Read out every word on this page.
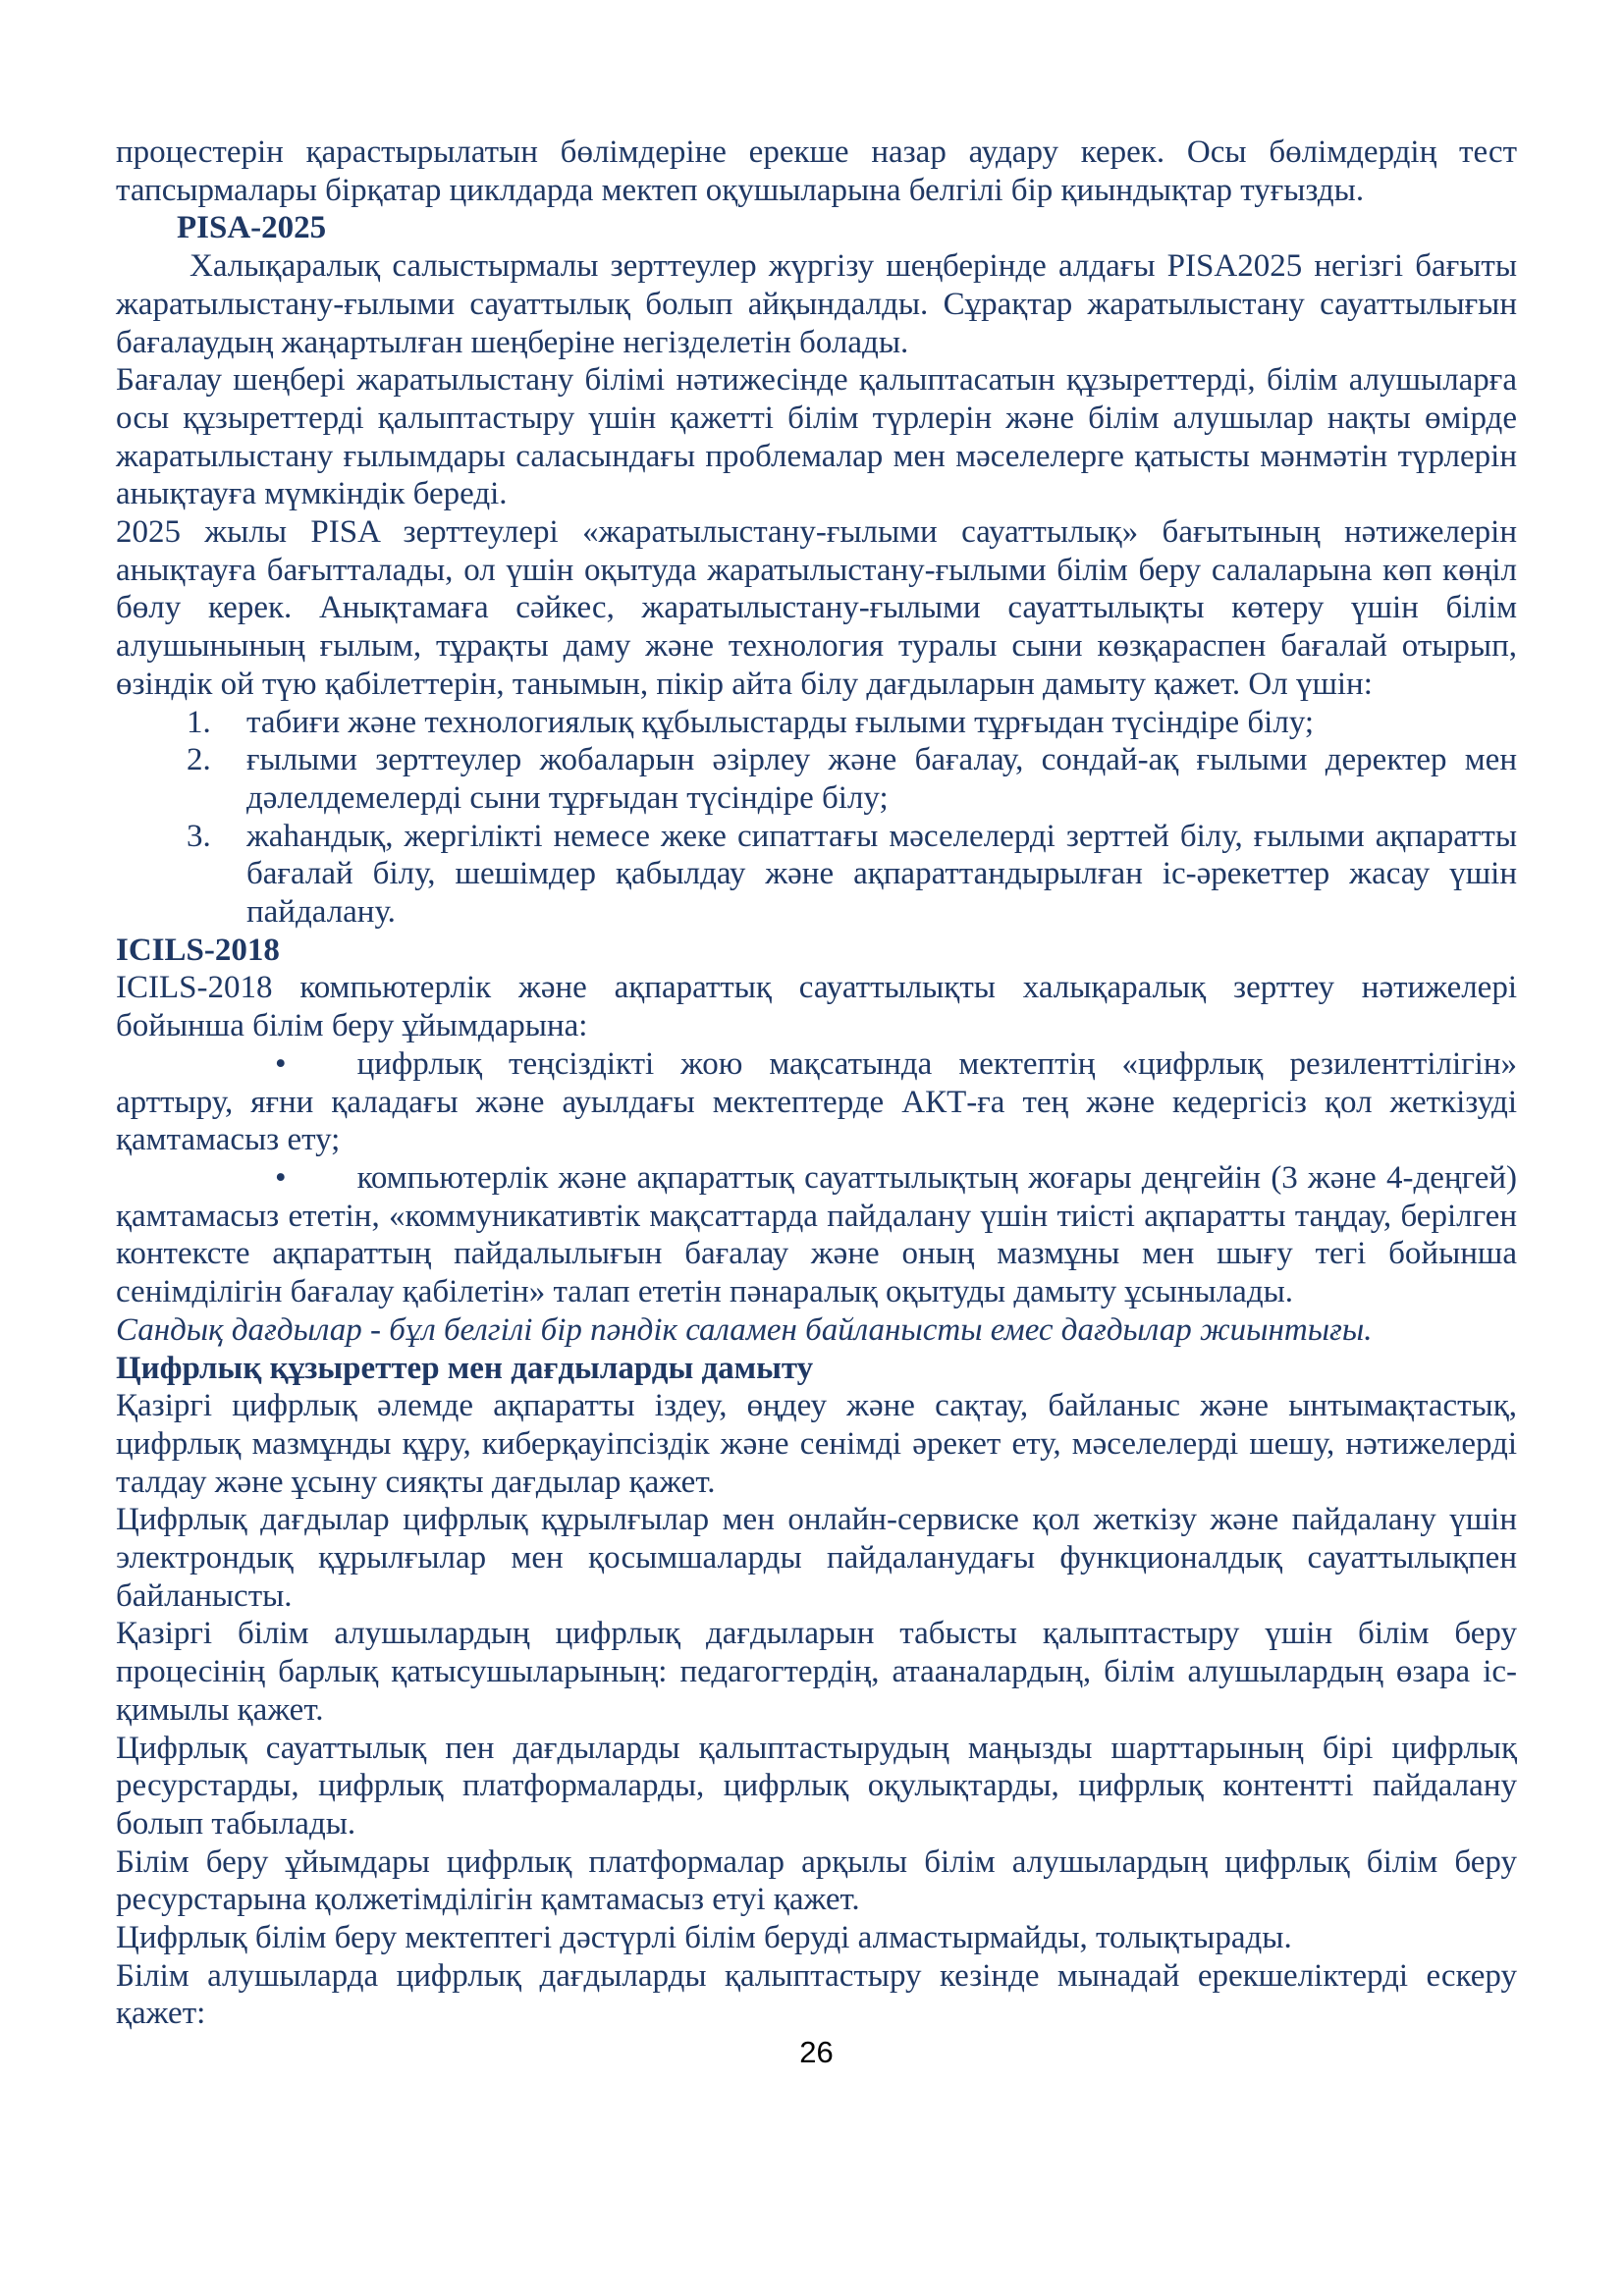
процестерін қарастырылатын бөлімдеріне ерекше назар аудару керек. Осы бөлімдердің тест тапсырмалары бірқатар циклдарда мектеп оқушыларына белгілі бір қиындықтар туғызды.

PISA-2025

Халықаралық салыстырмалы зерттеулер жүргізу шеңберінде алдағы PISA2025 негізгі бағыты жаратылыстану-ғылыми сауаттылық болып айқындалды. Сұрақтар жаратылыстану сауаттылығын бағалаудың жаңартылған шеңберіне негізделетін болады.

Бағалау шеңбері жаратылыстану білімі нәтижесінде қалыптасатын құзыреттерді, білім алушыларға осы құзыреттерді қалыптастыру үшін қажетті білім түрлерін және білім алушылар нақты өмірде жаратылыстану ғылымдары саласындағы проблемалар мен мәселелерге қатысты мәнмәтін түрлерін анықтауға мүмкіндік береді.

2025 жылы PISA зерттеулері «жаратылыстану-ғылыми сауаттылық» бағытының нәтижелерін анықтауға бағытталады, ол үшін оқытуда жаратылыстану-ғылыми білім беру салаларына көп көңіл бөлу керек. Анықтамаға сәйкес, жаратылыстану-ғылыми сауаттылықты көтеру үшін білім алушынының ғылым, тұрақты даму және технология туралы сыни көзқараспен бағалай отырып, өзіндік ой түю қабілеттерін, танымын, пікір айта білу дағдыларын дамыту қажет. Ол үшін:

1. табиғи және технологиялық құбылыстарды ғылыми тұрғыдан түсіндіре білу;
2. ғылыми зерттеулер жобаларын әзірлеу және бағалау, сондай-ақ ғылыми деректер мен дәлелдемелерді сыни тұрғыдан түсіндіре білу;
3. жаһандық, жергілікті немесе жеке сипаттағы мәселелерді зерттей білу, ғылыми ақпаратты бағалай білу, шешімдер қабылдау және ақпараттандырылған іс-әрекеттер жасау үшін пайдалану.

ICILS-2018

ICILS-2018 компьютерлік және ақпараттық сауаттылықты халықаралық зерттеу нәтижелері бойынша білім беру ұйымдарына:

• цифрлық теңсіздікті жою мақсатында мектептің «цифрлық резиленттілігін» арттыру, яғни қаладағы және ауылдағы мектептерде АКТ-ға тең және кедергісіз қол жеткізуді қамтамасыз ету;
• компьютерлік және ақпараттық сауаттылықтың жоғары деңгейін (3 және 4-деңгей) қамтамасыз ететін, «коммуникативтік мақсаттарда пайдалану үшін тиісті ақпаратты таңдау, берілген контексте ақпараттың пайдалылығын бағалау және оның мазмұны мен шығу тегі бойынша сенімділігін бағалау қабілетін» талап ететін пәнаралық оқытуды дамыту ұсынылады.

Сандық дағдылар - бұл белгілі бір пәндік саламен байланысты емес дағдылар жиынтығы.

Цифрлық құзыреттер мен дағдыларды дамыту

Қазіргі цифрлық әлемде ақпаратты іздеу, өңдеу және сақтау, байланыс және ынтымақтастық, цифрлық мазмұнды құру, киберқауіпсіздік және сенімді әрекет ету, мәселелерді шешу, нәтижелерді талдау және ұсыну сияқты дағдылар қажет.

Цифрлық дағдылар цифрлық құрылғылар мен онлайн-сервиске қол жеткізу және пайдалану үшін электрондық құрылғылар мен қосымшаларды пайдаланудағы функционалдық сауаттылықпен байланысты.

Қазіргі білім алушылардың цифрлық дағдыларын табысты қалыптастыру үшін білім беру процесінің барлық қатысушыларының: педагогтердің, атааналардың, білім алушылардың өзара іс-қимылы қажет.

Цифрлық сауаттылық пен дағдыларды қалыптастырудың маңызды шарттарының бірі цифрлық ресурстарды, цифрлық платформаларды, цифрлық оқулықтарды, цифрлық контентті пайдалану болып табылады.

Білім беру ұйымдары цифрлық платформалар арқылы білім алушылардың цифрлық білім беру ресурстарына қолжетімділігін қамтамасыз етуі қажет.

Цифрлық білім беру мектептегі дәстүрлі білім беруді алмастырмайды, толықтырады.

Білім алушыларда цифрлық дағдыларды қалыптастыру кезінде мынадай ерекшеліктерді ескеру қажет:

26
